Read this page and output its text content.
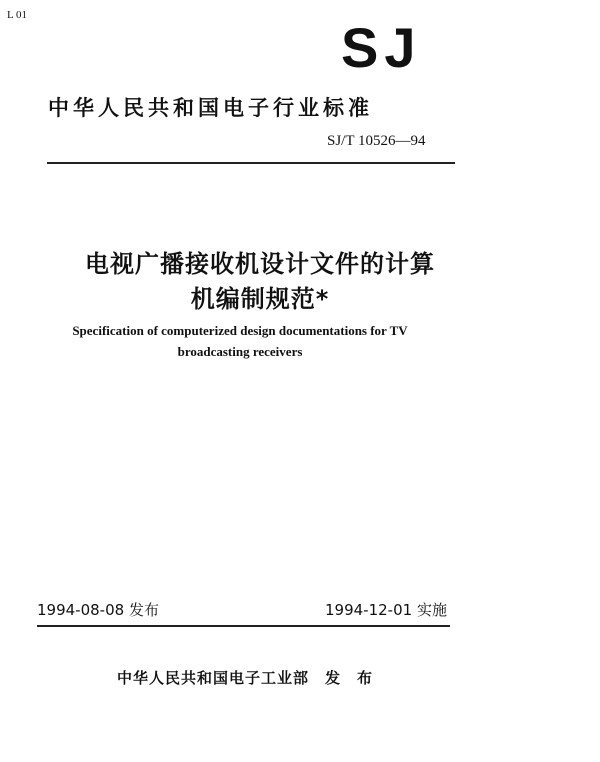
L 01
SJ
中华人民共和国电子行业标准
SJ/T 10526—94
电视广播接收机设计文件的计算机编制规范*
Specification of computerized design documentations for TV broadcasting receivers
1994-08-08 发布	1994-12-01 实施
中华人民共和国电子工业部　发　布
